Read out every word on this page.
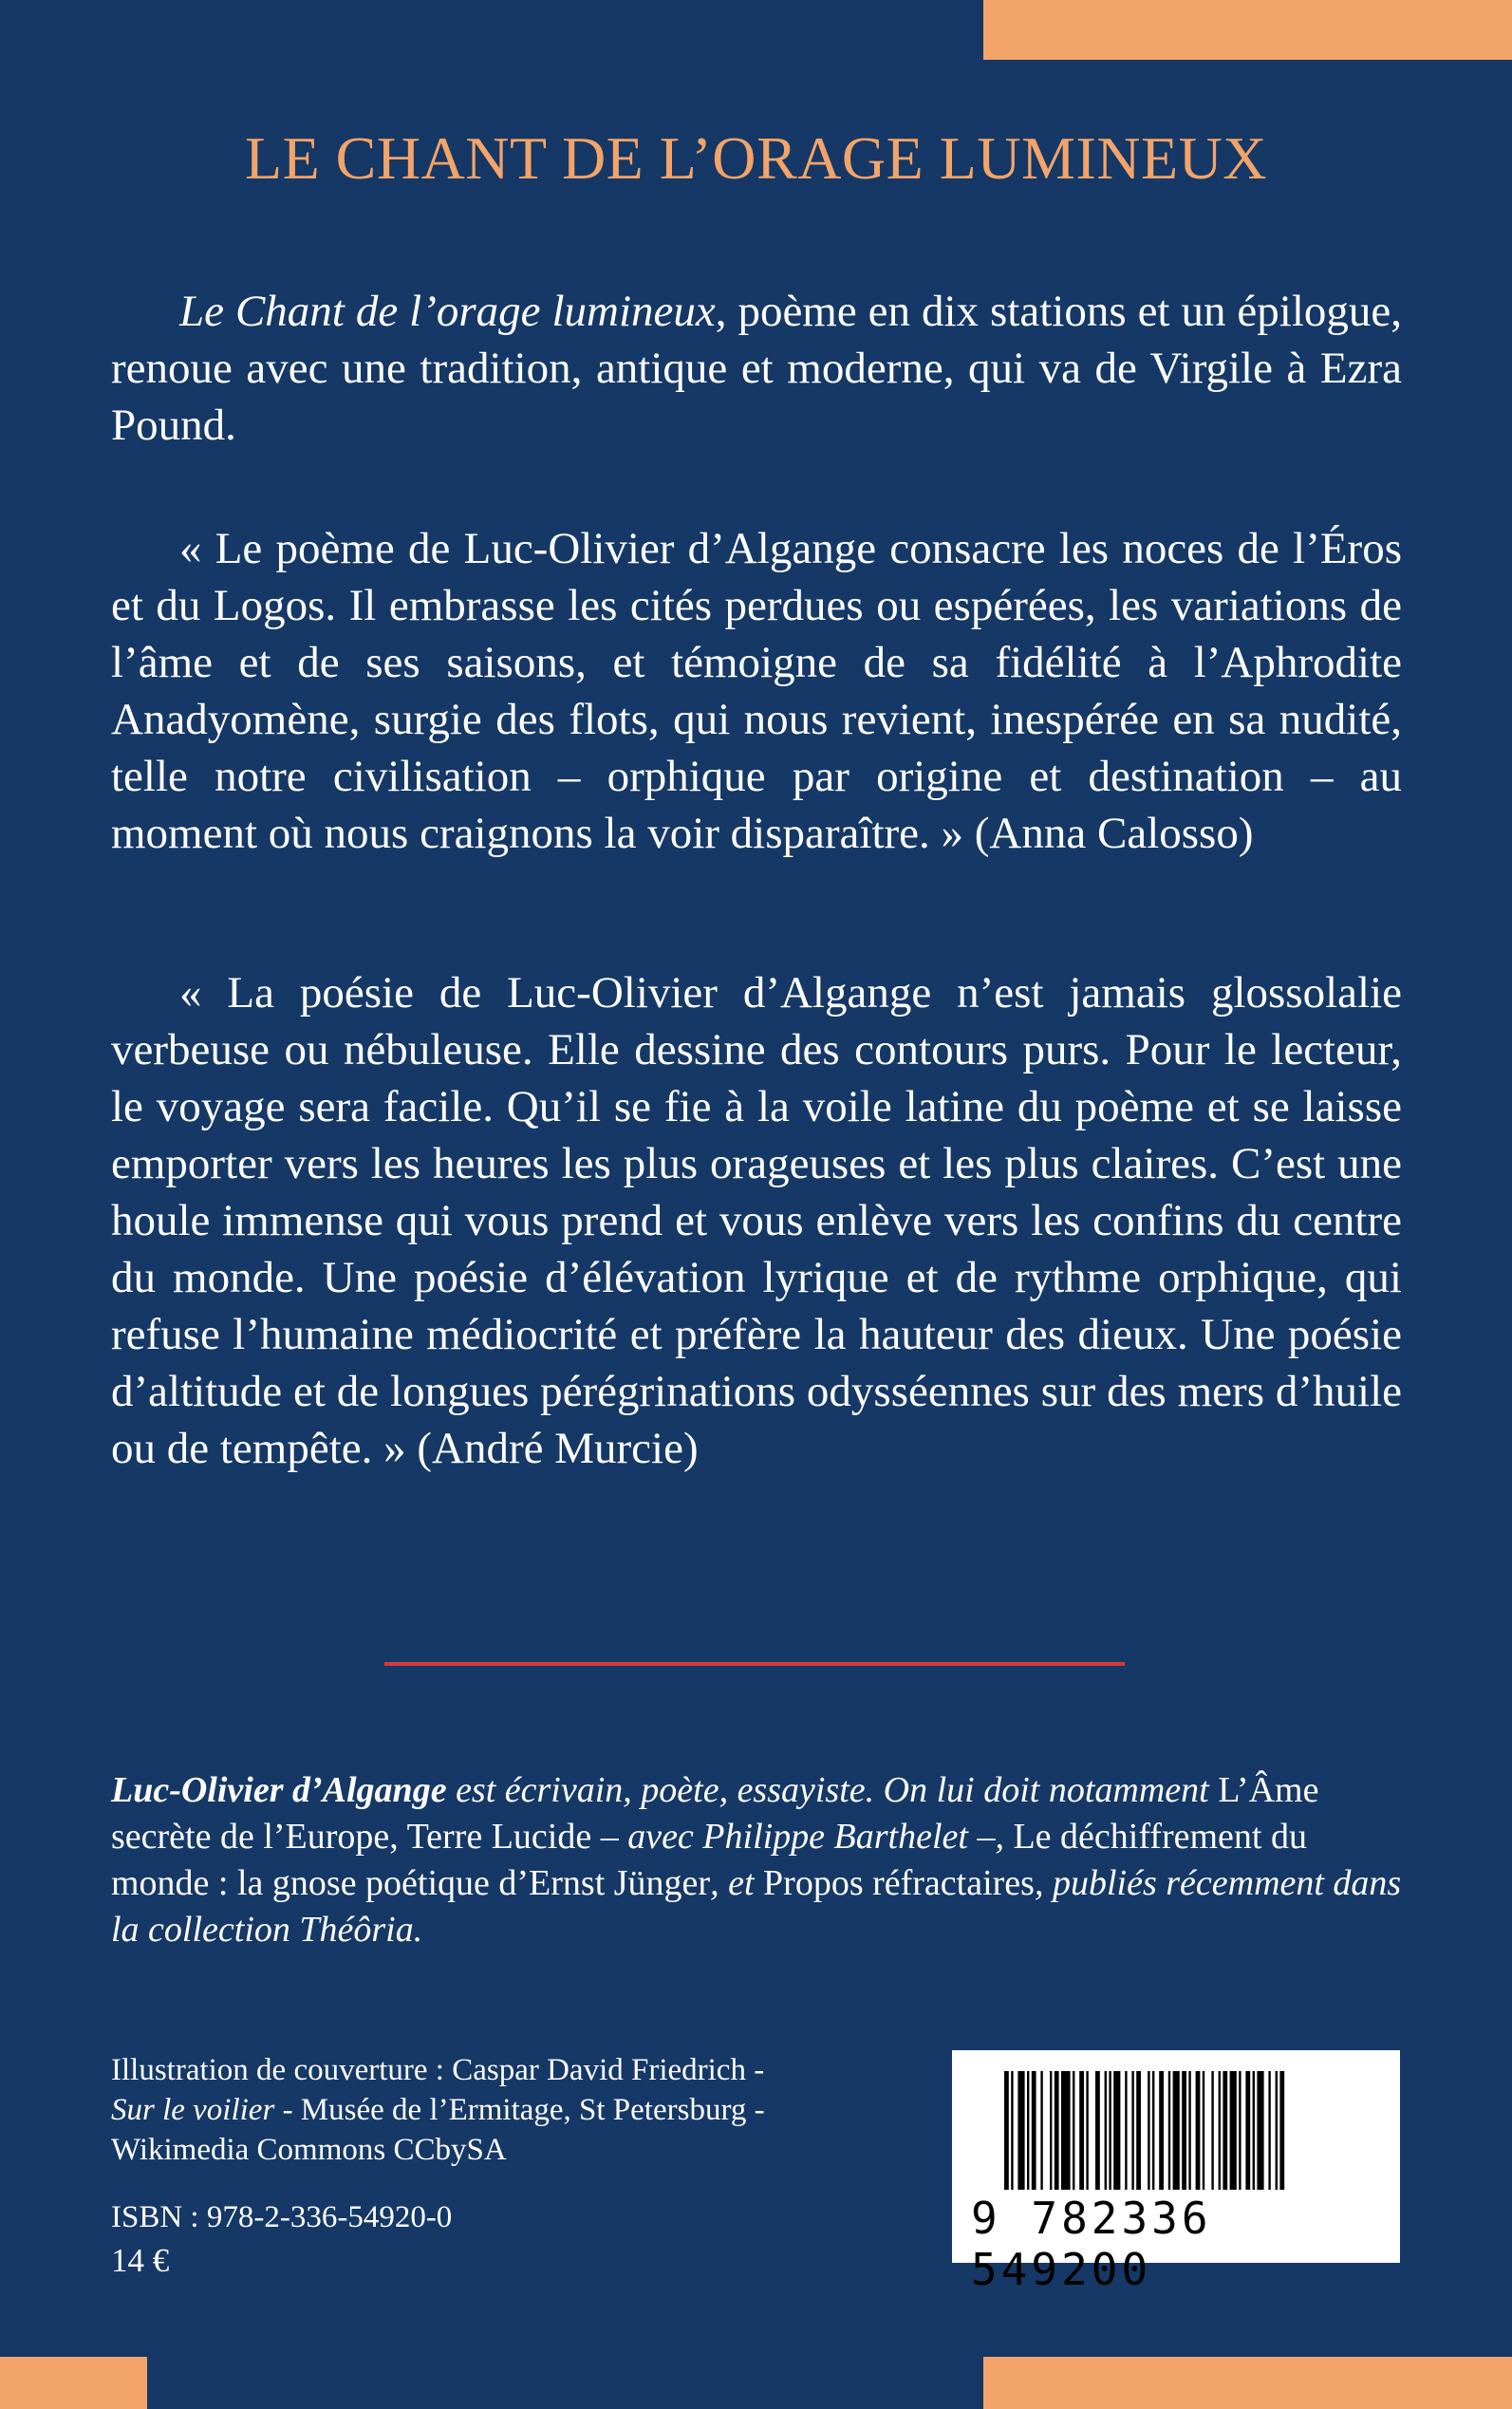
LE CHANT DE L’ORAGE LUMINEUX

Le Chant de l’orage lumineux, poème en dix stations et un épilogue, renoue avec une tradition, antique et moderne, qui va de Virgile à Ezra Pound.

« Le poème de Luc-Olivier d’Algange consacre les noces de l’Éros et du Logos. Il embrasse les cités perdues ou espérées, les variations de l’âme et de ses saisons, et témoigne de sa fidélité à l’Aphrodite Anadyomène, surgie des flots, qui nous revient, inespérée en sa nudité, telle notre civilisation – orphique par origine et destination – au moment où nous craignons la voir disparaître. » (Anna Calosso)

« La poésie de Luc-Olivier d’Algange n’est jamais glossolalie verbeuse ou nébuleuse. Elle dessine des contours purs. Pour le lecteur, le voyage sera facile. Qu’il se fie à la voile latine du poème et se laisse emporter vers les heures les plus orageuses et les plus claires. C’est une houle immense qui vous prend et vous enlève vers les confins du centre du monde. Une poésie d’élévation lyrique et de rythme orphique, qui refuse l’humaine médiocrité et préfère la hauteur des dieux. Une poésie d’altitude et de longues pérégrinations odysséennes sur des mers d’huile ou de tempête. » (André Murcie)

Luc-Olivier d’Algange est écrivain, poète, essayiste. On lui doit notamment L’Âme secrète de l’Europe, Terre Lucide – avec Philippe Barthelet –, Le déchiffrement du monde : la gnose poétique d’Ernst Jünger, et Propos réfractaires, publiés récemment dans la collection Théôria.

Illustration de couverture : Caspar David Friedrich -
Sur le voilier - Musée de l’Ermitage, St Petersburg -
Wikimedia Commons CCbySA
ISBN : 978-2-336-54920-0
14 €
9 782336 549200
